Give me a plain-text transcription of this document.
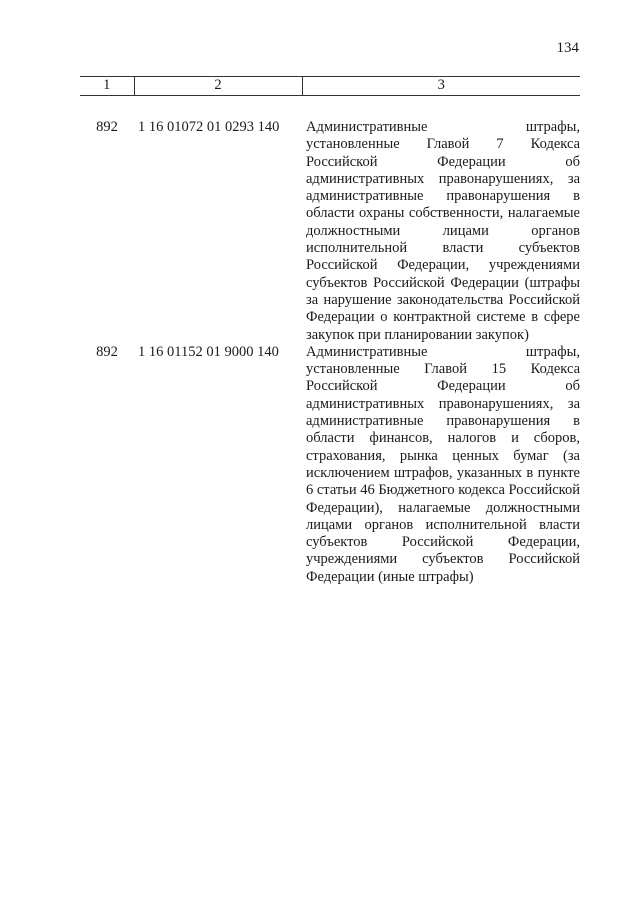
134
1	2	3
892	1 16 01072 01 0293 140	Административные штрафы, установленные Главой 7 Кодекса Российской Федерации об административных правонарушениях, за административные правонарушения в области охраны собственности, налагаемые должностными лицами органов исполнительной власти субъектов Российской Федерации, учреждениями субъектов Российской Федерации (штрафы за нарушение законодательства Российской Федерации о контрактной системе в сфере закупок при планировании закупок)
892	1 16 01152 01 9000 140	Административные штрафы, установленные Главой 15 Кодекса Российской Федерации об административных правонарушениях, за административные правонарушения в области финансов, налогов и сборов, страхования, рынка ценных бумаг (за исключением штрафов, указанных в пункте 6 статьи 46 Бюджетного кодекса Российской Федерации), налагаемые должностными лицами органов исполнительной власти субъектов Российской Федерации, учреждениями субъектов Российской Федерации (иные штрафы)
